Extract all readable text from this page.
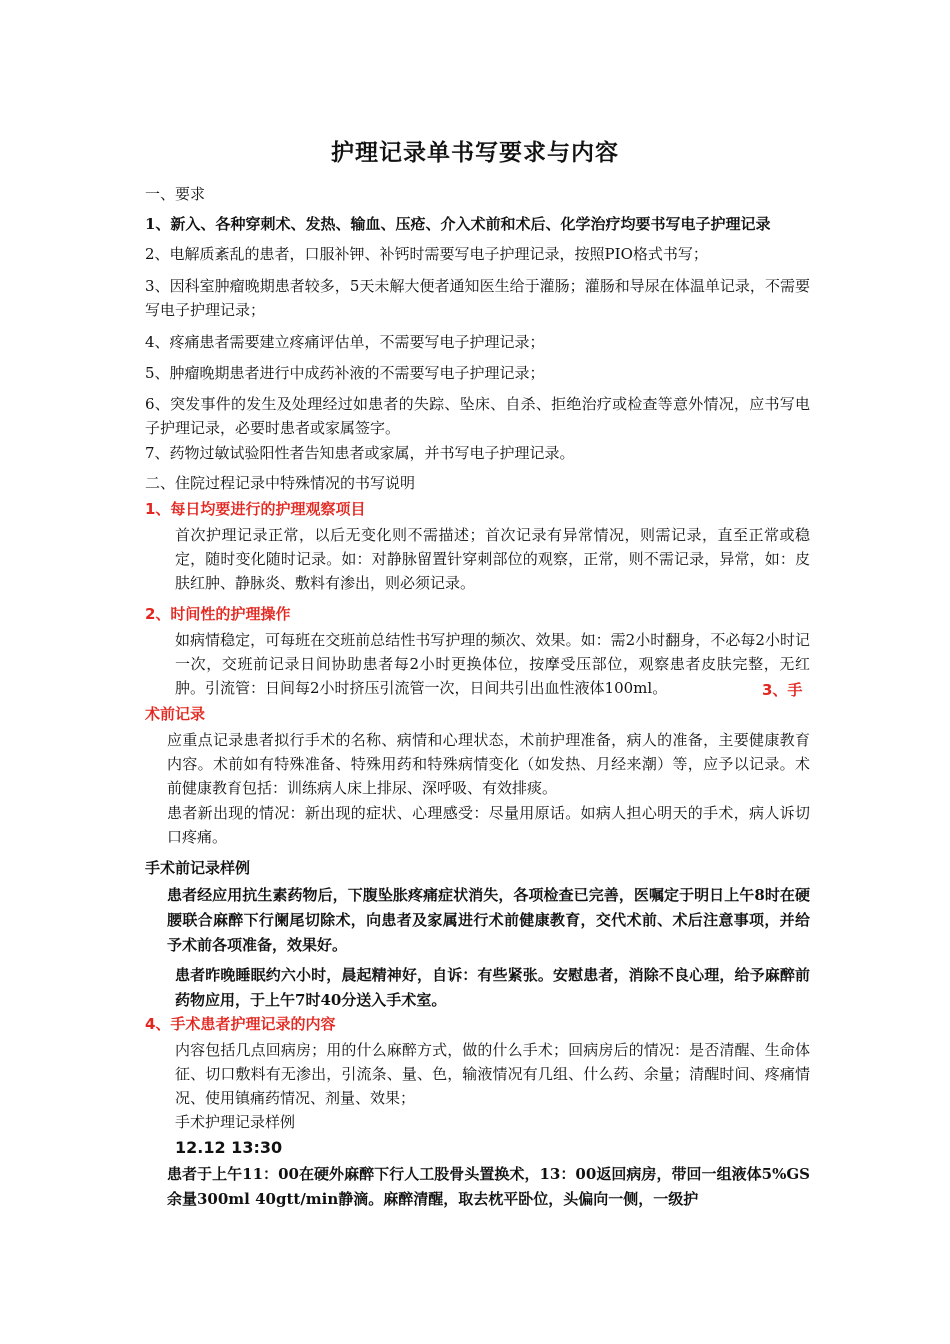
护理记录单书写要求与内容
一、要求
1、新入、各种穿刺术、发热、输血、压疮、介入术前和术后、化学治疗均要书写电子护理记录
2、电解质紊乱的患者，口服补钾、补钙时需要写电子护理记录，按照PIO格式书写；
3、因科室肿瘤晚期患者较多，5天未解大便者通知医生给于灌肠；灌肠和导尿在体温单记录，不需要写电子护理记录；
4、疼痛患者需要建立疼痛评估单，不需要写电子护理记录；
5、肿瘤晚期患者进行中成药补液的不需要写电子护理记录；
6、突发事件的发生及处理经过如患者的失踪、坠床、自杀、拒绝治疗或检查等意外情况，应书写电子护理记录，必要时患者或家属签字。
7、药物过敏试验阳性者告知患者或家属，并书写电子护理记录。
二、住院过程记录中特殊情况的书写说明
1、每日均要进行的护理观察项目
首次护理记录正常，以后无变化则不需描述；首次记录有异常情况，则需记录，直至正常或稳定，随时变化随时记录。如：对静脉留置针穿刺部位的观察，正常，则不需记录，异常，如：皮肤红肿、静脉炎、敷料有渗出，则必须记录。
2、时间性的护理操作
如病情稳定，可每班在交班前总结性书写护理的频次、效果。如：需2小时翻身，不必每2小时记一次，交班前记录日间协助患者每2小时更换体位，按摩受压部位，观察患者皮肤完整，无红肿。引流管：日间每2小时挤压引流管一次，日间共引出血性液体100ml。	3、手
术前记录
应重点记录患者拟行手术的名称、病情和心理状态，术前护理准备，病人的准备，主要健康教育内容。术前如有特殊准备、特殊用药和特殊病情变化（如发热、月经来潮）等，应予以记录。术前健康教育包括：训练病人床上排尿、深呼吸、有效排痰。
患者新出现的情况：新出现的症状、心理感受：尽量用原话。如病人担心明天的手术，病人诉切口疼痛。
手术前记录样例
患者经应用抗生素药物后，下腹坠胀疼痛症状消失，各项检查已完善，医嘱定于明日上午8时在硬腰联合麻醉下行阑尾切除术，向患者及家属进行术前健康教育，交代术前、术后注意事项，并给予术前各项准备，效果好。
患者昨晚睡眠约六小时，晨起精神好，自诉：有些紧张。安慰患者，消除不良心理，给予麻醉前药物应用，于上午7时40分送入手术室。
4、手术患者护理记录的内容
内容包括几点回病房；用的什么麻醉方式，做的什么手术；回病房后的情况：是否清醒、生命体征、切口敷料有无渗出，引流条、量、色，输液情况有几组、什么药、余量；清醒时间、疼痛情况、使用镇痛药情况、剂量、效果；
手术护理记录样例
12.12 13:30
患者于上午11：00在硬外麻醉下行人工股骨头置换术，13：00返回病房，带回一组液体5%GS余量300ml 40gtt/min静滴。麻醉清醒，取去枕平卧位，头偏向一侧，一级护
